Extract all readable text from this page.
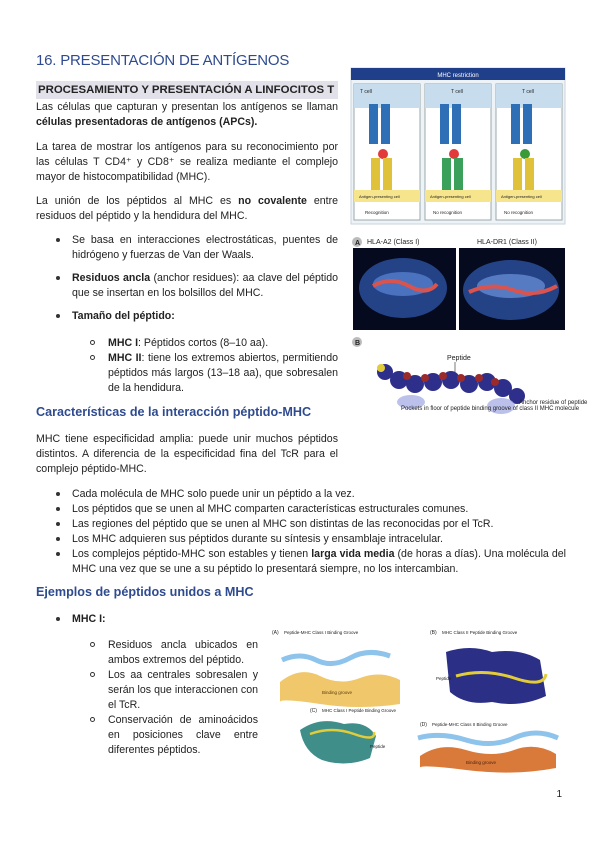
16. PRESENTACIÓN DE ANTÍGENOS
PROCESAMIENTO Y PRESENTACIÓN A LINFOCITOS T
Las células que capturan y presentan los antígenos se llaman células presentadoras de antígenos (APCs).
La tarea de mostrar los antígenos para su reconocimiento por las células T CD4⁺ y CD8⁺ se realiza mediante el complejo mayor de histocompatibilidad (MHC).
La unión de los péptidos al MHC es no covalente entre residuos del péptido y la hendidura del MHC.
Se basa en interacciones electrostáticas, puentes de hidrógeno y fuerzas de Van der Waals.
Residuos ancla (anchor residues): aa clave del péptido que se insertan en los bolsillos del MHC.
Tamaño del péptido:
MHC I: Péptidos cortos (8–10 aa).
MHC II: tiene los extremos abiertos, permitiendo péptidos más largos (13–18 aa), que sobresalen de la hendidura.
Características de la interacción péptido-MHC
MHC tiene especificidad amplia: puede unir muchos péptidos distintos. A diferencia de la especificidad fina del TcR para el complejo péptido-MHC.
Cada molécula de MHC solo puede unir un péptido a la vez.
Los péptidos que se unen al MHC comparten características estructurales comunes.
Las regiones del péptido que se unen al MHC son distintas de las reconocidas por el TcR.
Los MHC adquieren sus péptidos durante su síntesis y ensamblaje intracelular.
Los complejos péptido-MHC son estables y tienen larga vida media (de horas a días). Una molécula del MHC una vez que se une a su péptido lo presentará siempre, no los intercambian.
Ejemplos de péptidos unidos a MHC
MHC I:
Residuos ancla ubicados en ambos extremos del péptido.
Los aa centrales sobresalen y serán los que interaccionen con el TcR.
Conservación de aminoácidos en posiciones clave entre diferentes péptidos.
MHC restriction
T cell
Antigen-presenting cell
Recognition
T cell
Antigen-presenting cell
No recognition
T cell
Antigen-presenting cell
No recognition
A HLA-A2 (Class I)	HLA-DR1 (Class II)
B
Peptide
Pockets in floor of peptide binding groove of class II MHC molecule
Anchor residue of peptide
(A) Peptide-MHC Class I Binding Groove
Binding groove
(B) MHC Class II Peptide Binding Groove
Peptide
(C) MHC Class I Peptide Binding Groove
Peptide
(D) Peptide-MHC Class II Binding Groove
Binding groove
1
